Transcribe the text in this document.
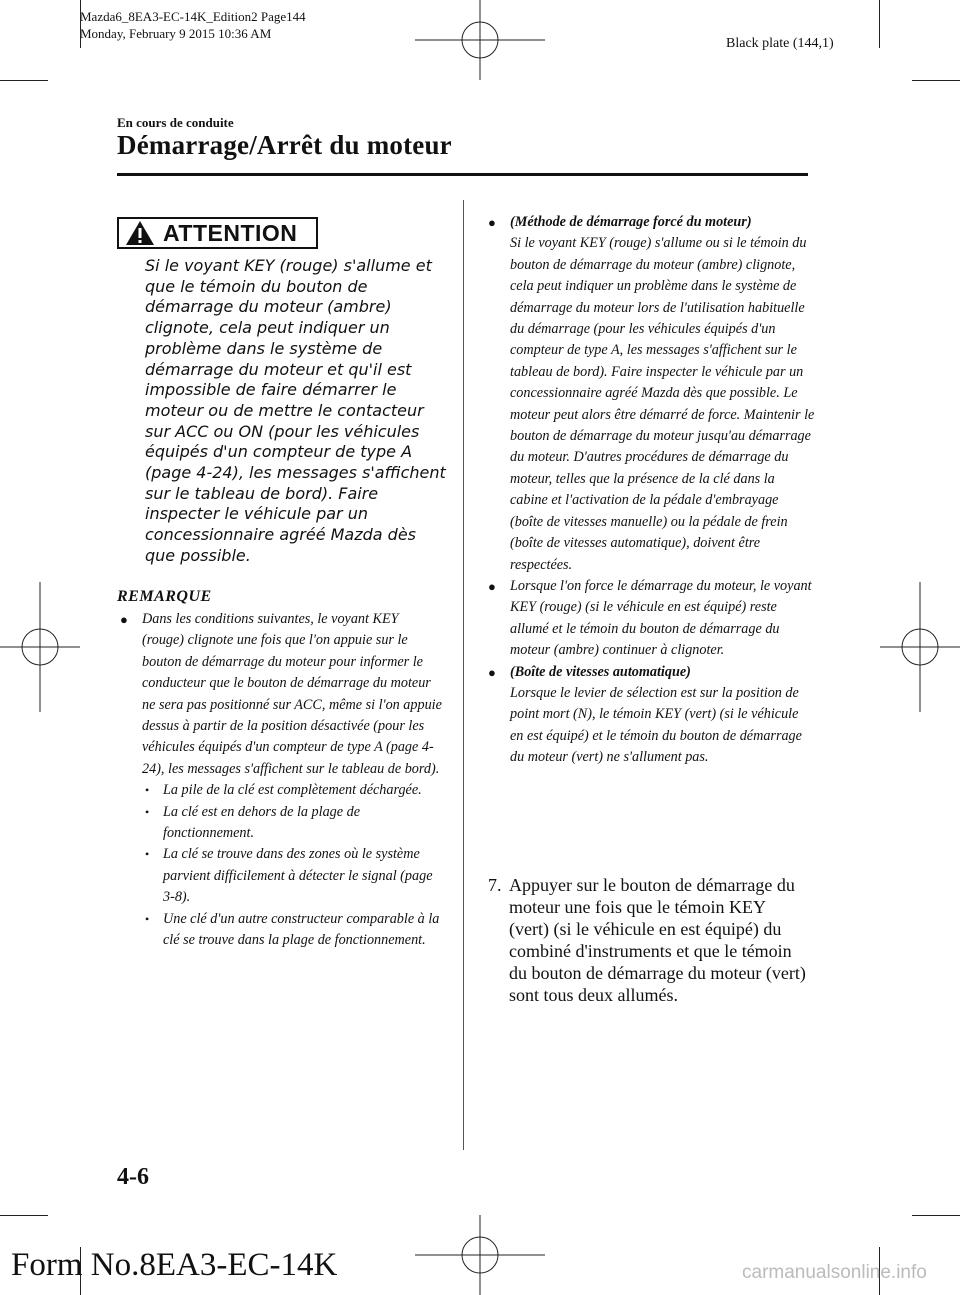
Mazda6_8EA3-EC-14K_Edition2 Page144
Monday, February 9 2015 10:36 AM
Black plate (144,1)
En cours de conduite
Démarrage/Arrêt du moteur
ATTENTION
Si le voyant KEY (rouge) s'allume et que le témoin du bouton de démarrage du moteur (ambre) clignote, cela peut indiquer un problème dans le système de démarrage du moteur et qu'il est impossible de faire démarrer le moteur ou de mettre le contacteur sur ACC ou ON (pour les véhicules équipés d'un compteur de type A (page 4-24), les messages s'affichent sur le tableau de bord). Faire inspecter le véhicule par un concessionnaire agréé Mazda dès que possible.
REMARQUE
● Dans les conditions suivantes, le voyant KEY (rouge) clignote une fois que l'on appuie sur le bouton de démarrage du moteur pour informer le conducteur que le bouton de démarrage du moteur ne sera pas positionné sur ACC, même si l'on appuie dessus à partir de la position désactivée (pour les véhicules équipés d'un compteur de type A (page 4-24), les messages s'affichent sur le tableau de bord).
• La pile de la clé est complètement déchargée.
• La clé est en dehors de la plage de fonctionnement.
• La clé se trouve dans des zones où le système parvient difficilement à détecter le signal (page 3-8).
• Une clé d'un autre constructeur comparable à la clé se trouve dans la plage de fonctionnement.
● (Méthode de démarrage forcé du moteur)
Si le voyant KEY (rouge) s'allume ou si le témoin du bouton de démarrage du moteur (ambre) clignote, cela peut indiquer un problème dans le système de démarrage du moteur lors de l'utilisation habituelle du démarrage (pour les véhicules équipés d'un compteur de type A, les messages s'affichent sur le tableau de bord). Faire inspecter le véhicule par un concessionnaire agréé Mazda dès que possible. Le moteur peut alors être démarré de force. Maintenir le bouton de démarrage du moteur jusqu'au démarrage du moteur. D'autres procédures de démarrage du moteur, telles que la présence de la clé dans la cabine et l'activation de la pédale d'embrayage (boîte de vitesses manuelle) ou la pédale de frein (boîte de vitesses automatique), doivent être respectées.
● Lorsque l'on force le démarrage du moteur, le voyant KEY (rouge) (si le véhicule en est équipé) reste allumé et le témoin du bouton de démarrage du moteur (ambre) continuer à clignoter.
● (Boîte de vitesses automatique)
Lorsque le levier de sélection est sur la position de point mort (N), le témoin KEY (vert) (si le véhicule en est équipé) et le témoin du bouton de démarrage du moteur (vert) ne s'allument pas.
7. Appuyer sur le bouton de démarrage du moteur une fois que le témoin KEY (vert) (si le véhicule en est équipé) du combiné d'instruments et que le témoin du bouton de démarrage du moteur (vert) sont tous deux allumés.
4-6
Form No.8EA3-EC-14K	carmanualsonline.info
